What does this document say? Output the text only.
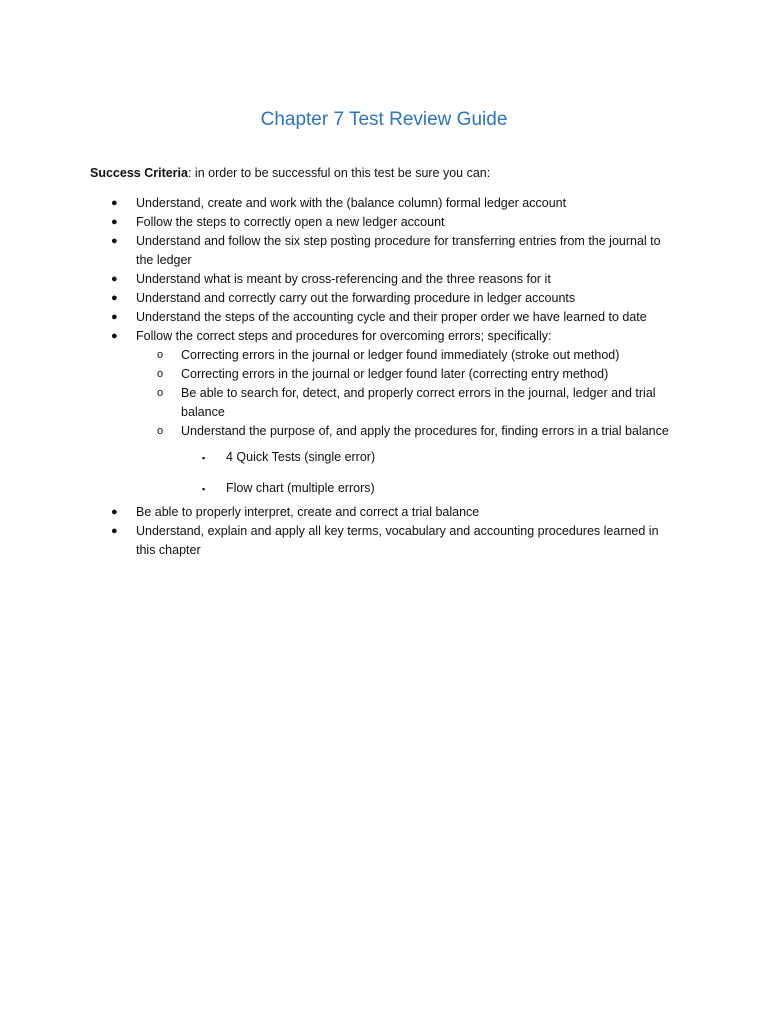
Chapter 7 Test Review Guide
Success Criteria: in order to be successful on this test be sure you can:
● Understand, create and work with the (balance column) formal ledger account
● Follow the steps to correctly open a new ledger account
● Understand and follow the six step posting procedure for transferring entries from the journal to the ledger
● Understand what is meant by cross-referencing and the three reasons for it
● Understand and correctly carry out the forwarding procedure in ledger accounts
● Understand the steps of the accounting cycle and their proper order we have learned to date
● Follow the correct steps and procedures for overcoming errors; specifically:
o Correcting errors in the journal or ledger found immediately (stroke out method)
o Correcting errors in the journal or ledger found later (correcting entry method)
o Be able to search for, detect, and properly correct errors in the journal, ledger and trial balance
o Understand the purpose of, and apply the procedures for, finding errors in a trial balance
▪ 4 Quick Tests (single error)
▪ Flow chart (multiple errors)
● Be able to properly interpret, create and correct a trial balance
● Understand, explain and apply all key terms, vocabulary and accounting procedures learned in this chapter
